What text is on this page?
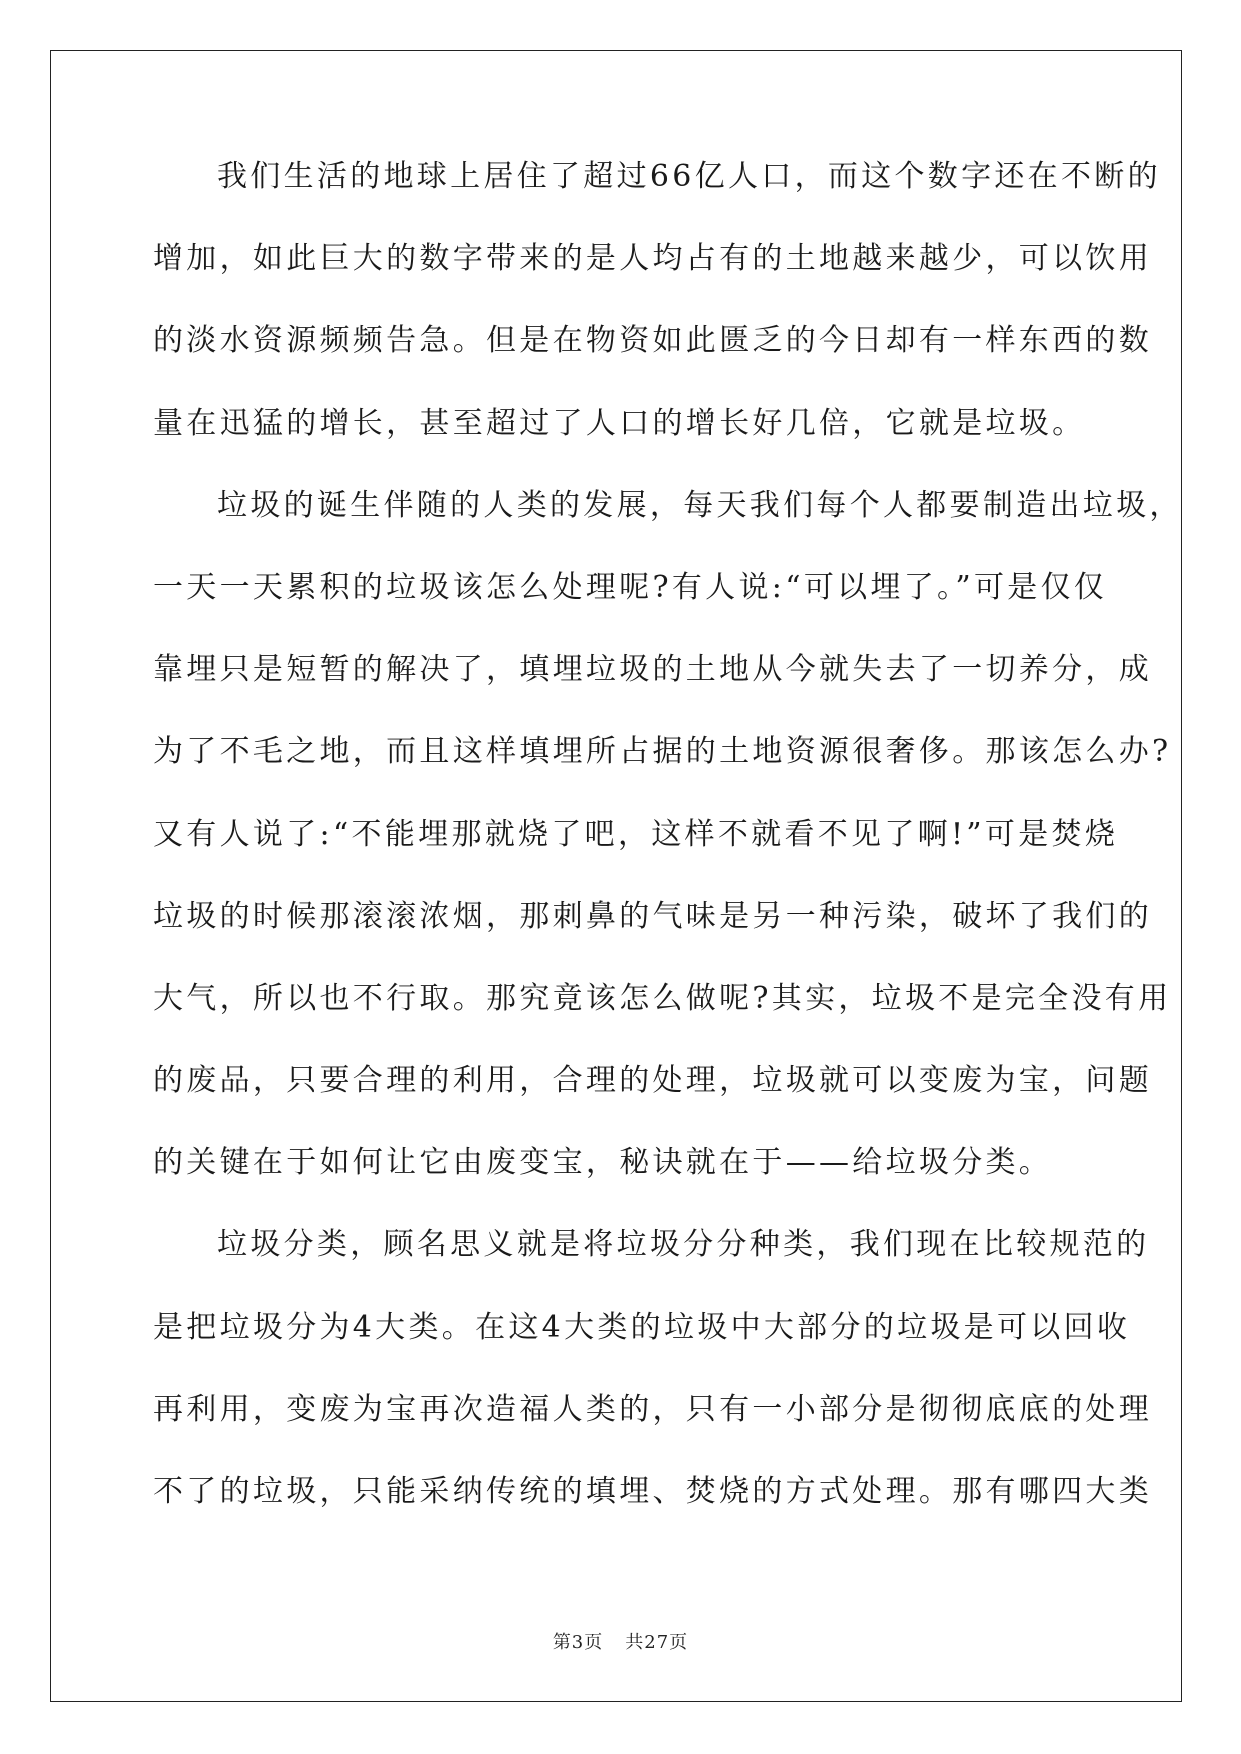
我们生活的地球上居住了超过66亿人口，而这个数字还在不断的
增加，如此巨大的数字带来的是人均占有的土地越来越少，可以饮用
的淡水资源频频告急。但是在物资如此匮乏的今日却有一样东西的数
量在迅猛的增长，甚至超过了人口的增长好几倍，它就是垃圾。
垃圾的诞生伴随的人类的发展，每天我们每个人都要制造出垃圾，
一天一天累积的垃圾该怎么处理呢?有人说:“可以埋了。”可是仅仅
靠埋只是短暂的解决了，填埋垃圾的土地从今就失去了一切养分，成
为了不毛之地，而且这样填埋所占据的土地资源很奢侈。那该怎么办?
又有人说了:“不能埋那就烧了吧，这样不就看不见了啊!”可是焚烧
垃圾的时候那滚滚浓烟，那刺鼻的气味是另一种污染，破坏了我们的
大气，所以也不行取。那究竟该怎么做呢?其实，垃圾不是完全没有用
的废品，只要合理的利用，合理的处理，垃圾就可以变废为宝，问题
的关键在于如何让它由废变宝，秘诀就在于——给垃圾分类。
垃圾分类，顾名思义就是将垃圾分分种类，我们现在比较规范的
是把垃圾分为4大类。在这4大类的垃圾中大部分的垃圾是可以回收
再利用，变废为宝再次造福人类的，只有一小部分是彻彻底底的处理
不了的垃圾，只能采纳传统的填埋、焚烧的方式处理。那有哪四大类
第3页 共27页
